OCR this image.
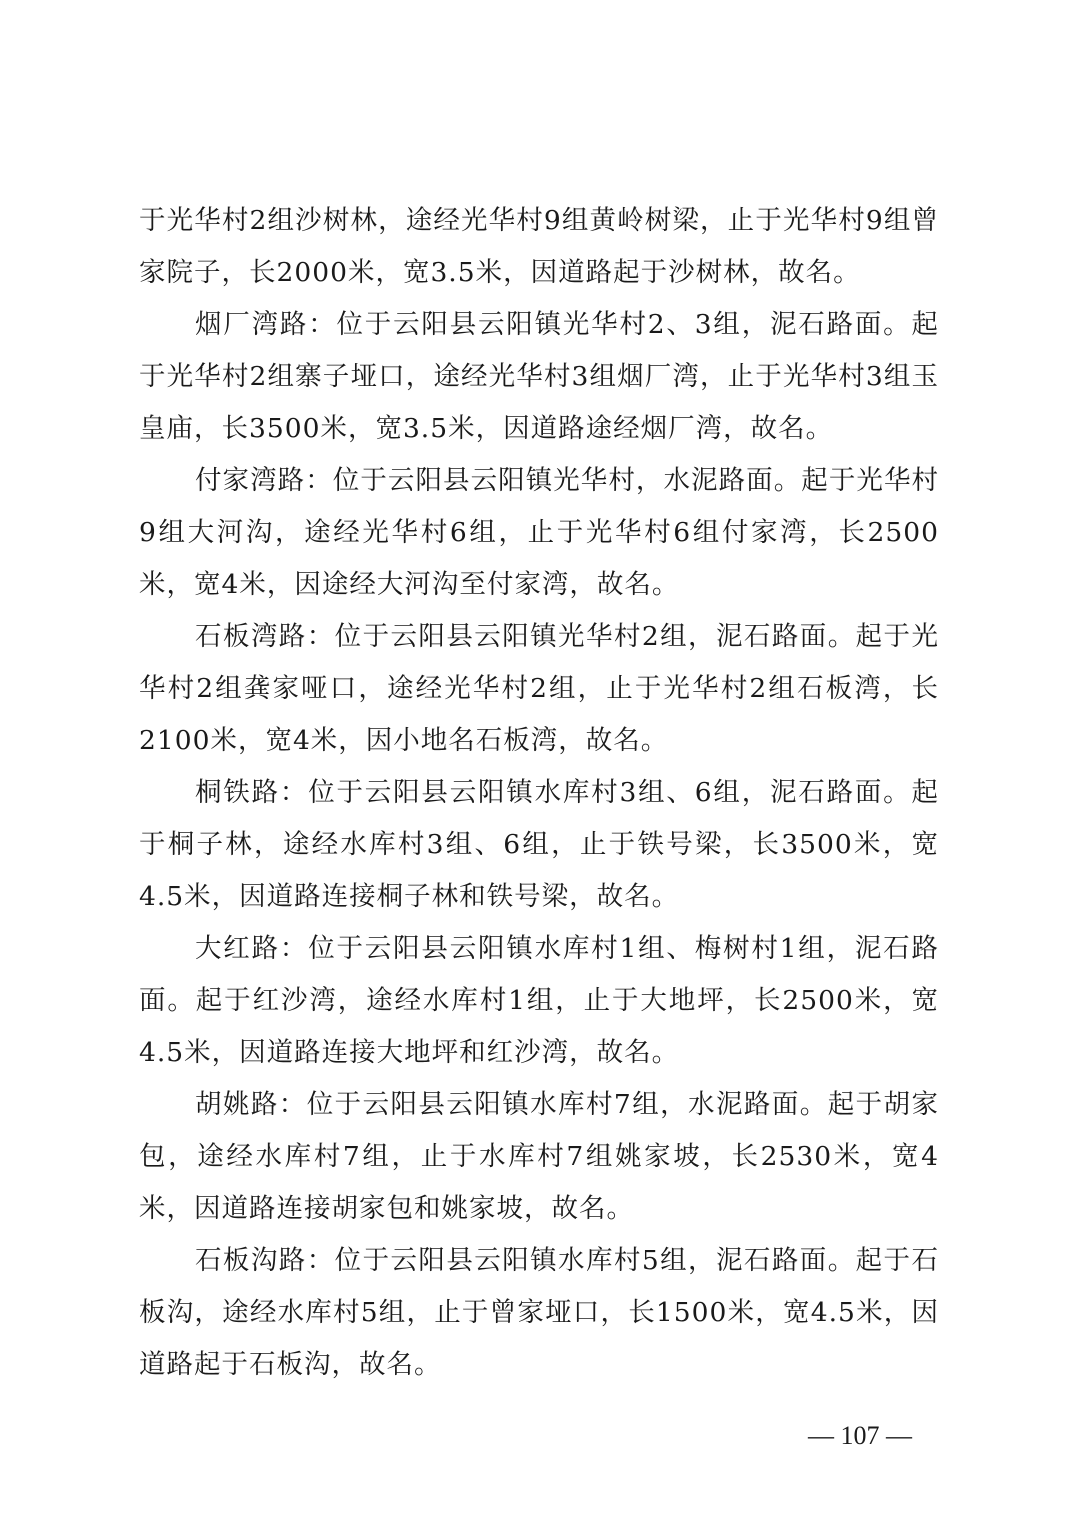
于光华村2组沙树林，途经光华村9组黄岭树梁，止于光华村9组曾家院子，长2000米，宽3.5米，因道路起于沙树林，故名。

烟厂湾路：位于云阳县云阳镇光华村2、3组，泥石路面。起于光华村2组寨子垭口，途经光华村3组烟厂湾，止于光华村3组玉皇庙，长3500米，宽3.5米，因道路途经烟厂湾，故名。

付家湾路：位于云阳县云阳镇光华村，水泥路面。起于光华村9组大河沟，途经光华村6组，止于光华村6组付家湾，长2500米，宽4米，因途经大河沟至付家湾，故名。

石板湾路：位于云阳县云阳镇光华村2组，泥石路面。起于光华村2组龚家哑口，途经光华村2组，止于光华村2组石板湾，长2100米，宽4米，因小地名石板湾，故名。

桐铁路：位于云阳县云阳镇水库村3组、6组，泥石路面。起于桐子林，途经水库村3组、6组，止于铁号梁，长3500米，宽4.5米，因道路连接桐子林和铁号梁，故名。

大红路：位于云阳县云阳镇水库村1组、梅树村1组，泥石路面。起于红沙湾，途经水库村1组，止于大地坪，长2500米，宽4.5米，因道路连接大地坪和红沙湾，故名。

胡姚路：位于云阳县云阳镇水库村7组，水泥路面。起于胡家包，途经水库村7组，止于水库村7组姚家坡，长2530米，宽4米，因道路连接胡家包和姚家坡，故名。

石板沟路：位于云阳县云阳镇水库村5组，泥石路面。起于石板沟，途经水库村5组，止于曾家垭口，长1500米，宽4.5米，因道路起于石板沟，故名。

— 107 —
